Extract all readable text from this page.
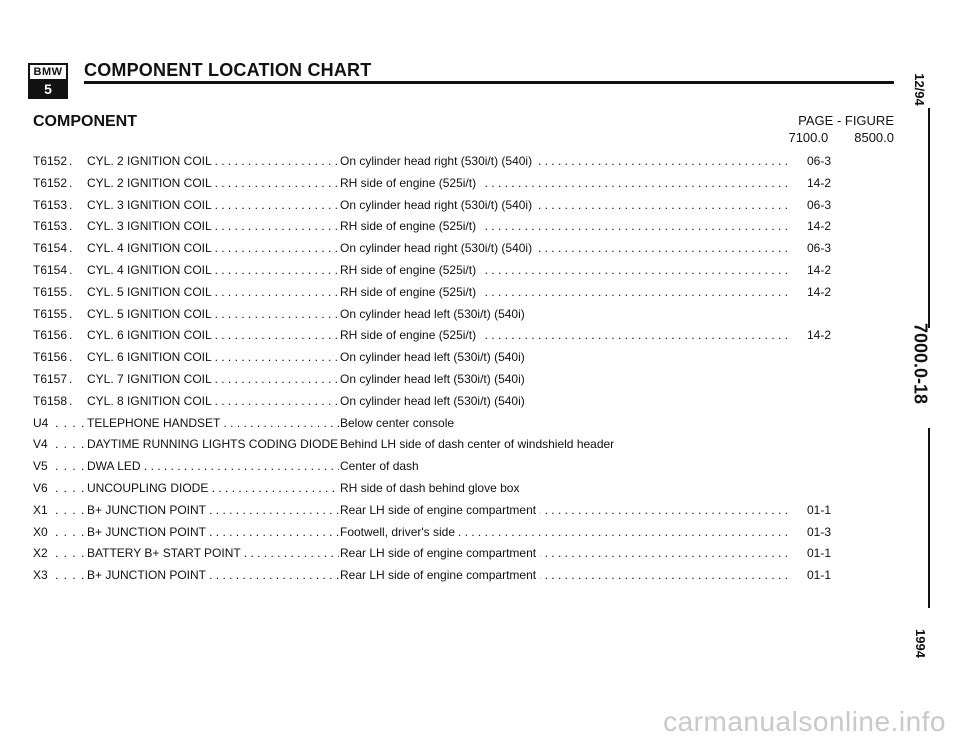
BMW
5
COMPONENT LOCATION CHART
COMPONENT	PAGE - FIGURE
7100.0 8500.0
T6152 .	CYL. 2 IGNITION COIL . . .	. . . On cylinder head right (530i/t) (540i)	06-3
T6152 .	CYL. 2 IGNITION COIL . . .	. . . RH side of engine (525i/t)	14-2
T6153 .	CYL. 3 IGNITION COIL . . .	. . . On cylinder head right (530i/t) (540i)	06-3
T6153 .	CYL. 3 IGNITION COIL . . .	. . . RH side of engine (525i/t)	14-2
T6154 .	CYL. 4 IGNITION COIL . . .	. . . On cylinder head right (530i/t) (540i)	06-3
T6154 .	CYL. 4 IGNITION COIL . . .	. . . RH side of engine (525i/t)	14-2
T6155 .	CYL. 5 IGNITION COIL . . .	. . . RH side of engine (525i/t)	14-2
T6155 .	CYL. 5 IGNITION COIL . . .	On cylinder head left (530i/t) (540i)
T6156 .	CYL. 6 IGNITION COIL . . .	. . . RH side of engine (525i/t)	14-2
T6156 .	CYL. 6 IGNITION COIL . . .	On cylinder head left (530i/t) (540i)
T6157 .	CYL. 7 IGNITION COIL . . .	On cylinder head left (530i/t) (540i)
T6158 .	CYL. 8 IGNITION COIL . . .	On cylinder head left (530i/t) (540i)
U4 . . . . TELEPHONE HANDSET . . .	Below center console
V4 . . . . DAYTIME RUNNING LIGHTS CODING DIODE Behind LH side of dash center of windshield header
V5 . . . . DWA LED . . .	Center of dash
V6 . . . . UNCOUPLING DIODE . . .	RH side of dash behind glove box
X1 . . . . B+ JUNCTION POINT . . .	. . . Rear LH side of engine compartment	01-1
X0 . . . . B+ JUNCTION POINT . . .	. . . Footwell, driver's side	01-3
X2 . . . . BATTERY B+ START POINT . . .	. . . Rear LH side of engine compartment	01-1
X3 . . . . B+ JUNCTION POINT . . .	. . . Rear LH side of engine compartment	01-1
12/94
7000.0-18
1994
carmanualsonline.info
